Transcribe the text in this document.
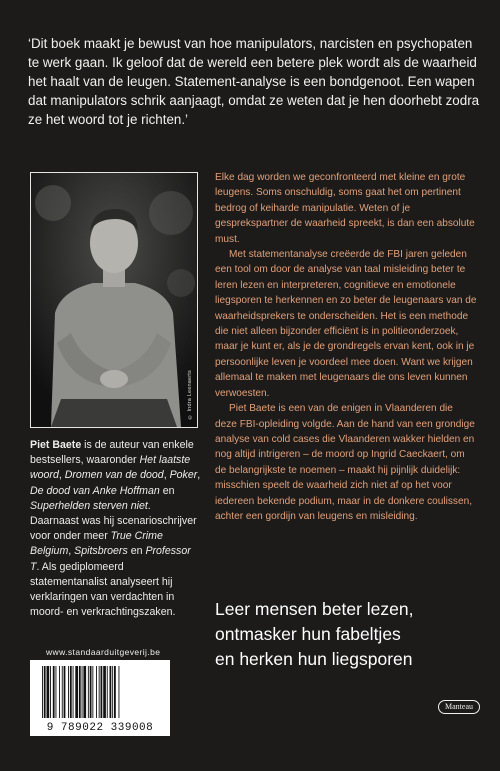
‘Dit boek maakt je bewust van hoe manipulators, narcisten en psychopaten te werk gaan. Ik geloof dat de wereld een betere plek wordt als de waarheid het haalt van de leugen. Statement-analyse is een bondgenoot. Een wapen dat manipulators schrik aanjaagt, omdat ze weten dat je hen doorhebt zodra ze het woord tot je richten.’

© Indra Leenaerts

Piet Baete is de auteur van enkele bestsellers, waaronder Het laatste woord, Dromen van de dood, Poker, De dood van Anke Hoffman en Superhelden sterven niet. Daarnaast was hij scenarioschrijver voor onder meer True Crime Belgium, Spitsbroers en Professor T. Als gediplomeerd statementanalist analyseert hij verklaringen van verdachten in moord- en verkrachtingszaken.

Elke dag worden we geconfronteerd met kleine en grote leugens. Soms onschuldig, soms gaat het om pertinent bedrog of keiharde manipulatie. Weten of je gesprekspartner de waarheid spreekt, is dan een absolute must.

Met statementanalyse creëerde de FBI jaren geleden een tool om door de analyse van taal misleiding beter te leren lezen en interpreteren, cognitieve en emotionele liegsporen te herkennen en zo beter de leugenaars van de waarheidsprekers te onderscheiden. Het is een methode die niet alleen bijzonder efficiënt is in politieonderzoek, maar je kunt er, als je de grondregels ervan kent, ook in je persoonlijke leven je voordeel mee doen. Want we krijgen allemaal te maken met leugenaars die ons leven kunnen verwoesten.

Piet Baete is een van de enigen in Vlaanderen die deze FBI-opleiding volgde. Aan de hand van een grondige analyse van cold cases die Vlaanderen wakker hielden en nog altijd intrigeren – de moord op Ingrid Caeckaert, om de belangrijkste te noemen – maakt hij pijnlijk duidelijk: misschien speelt de waarheid zich niet af op het voor iedereen bekende podium, maar in de donkere coulissen, achter een gordijn van leugens en misleiding.

Leer mensen beter lezen,
ontmasker hun fabeltjes
en herken hun liegsporen

www.standaarduitgeverij.be
9 789022 339008
Manteau
